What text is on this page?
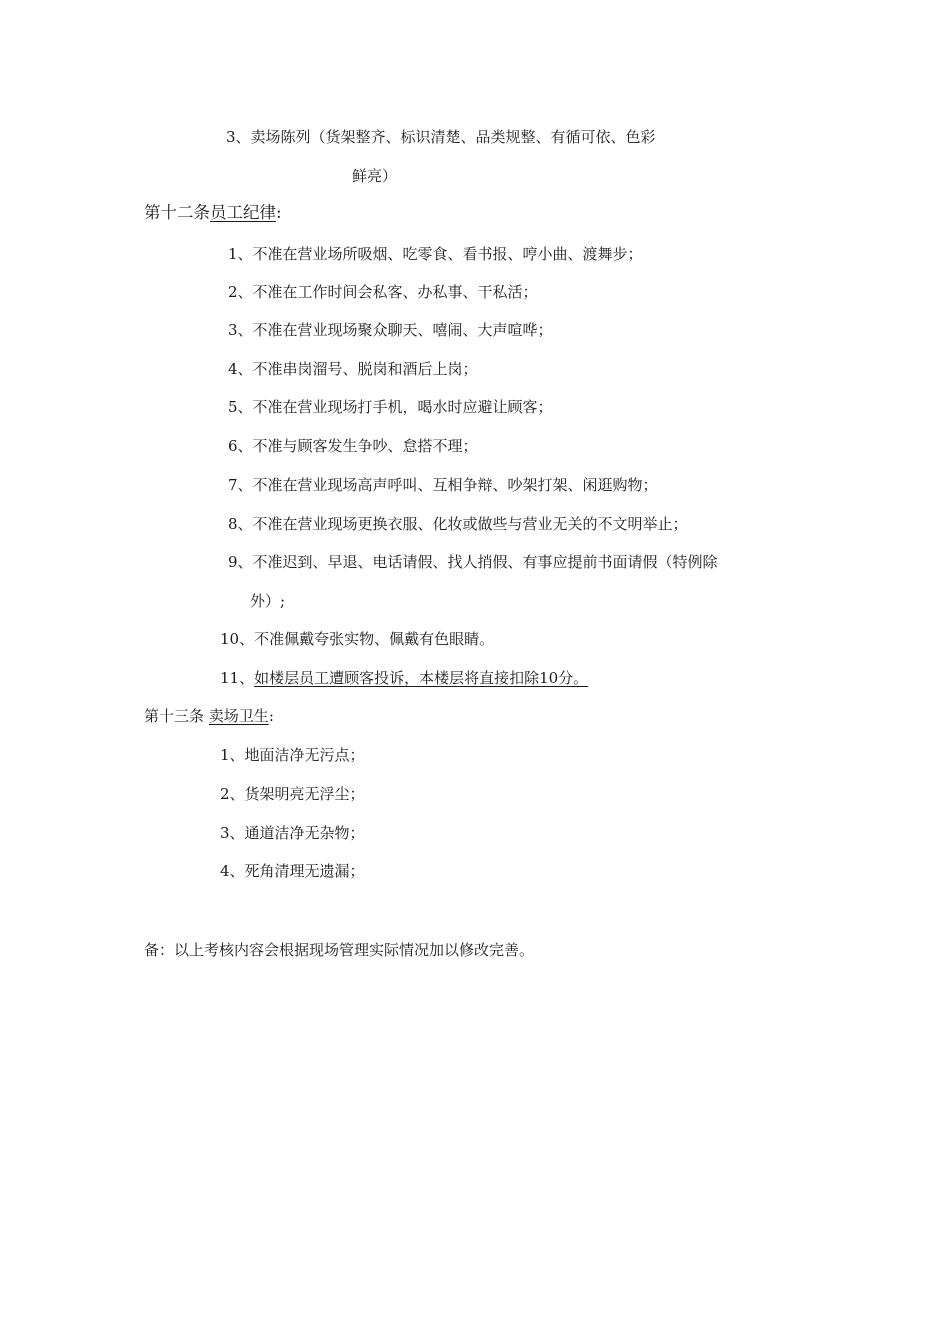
3、卖场陈列（货架整齐、标识清楚、品类规整、有循可依、色彩
鲜亮）
第十二条员工纪律:
1、不准在营业场所吸烟、吃零食、看书报、哼小曲、渡舞步；
2、不准在工作时间会私客、办私事、干私活；
3、不准在营业现场聚众聊天、嘻闹、大声喧哗；
4、不准串岗溜号、脱岗和酒后上岗；
5、不准在营业现场打手机，喝水时应避让顾客；
6、不准与顾客发生争吵、怠搭不理；
7、不准在营业现场高声呼叫、互相争辩、吵架打架、闲逛购物；
8、不准在营业现场更换衣服、化妆或做些与营业无关的不文明举止；
9、不准迟到、早退、电话请假、找人捎假、有事应提前书面请假（特例除
外）;
10、不准佩戴夸张实物、佩戴有色眼睛。
11、如楼层员工遭顾客投诉，本楼层将直接扣除10分。
第十三条 卖场卫生:
1、地面洁净无污点；
2、货架明亮无浮尘；
3、通道洁净无杂物；
4、死角清理无遗漏；
备：以上考核内容会根据现场管理实际情况加以修改完善。
